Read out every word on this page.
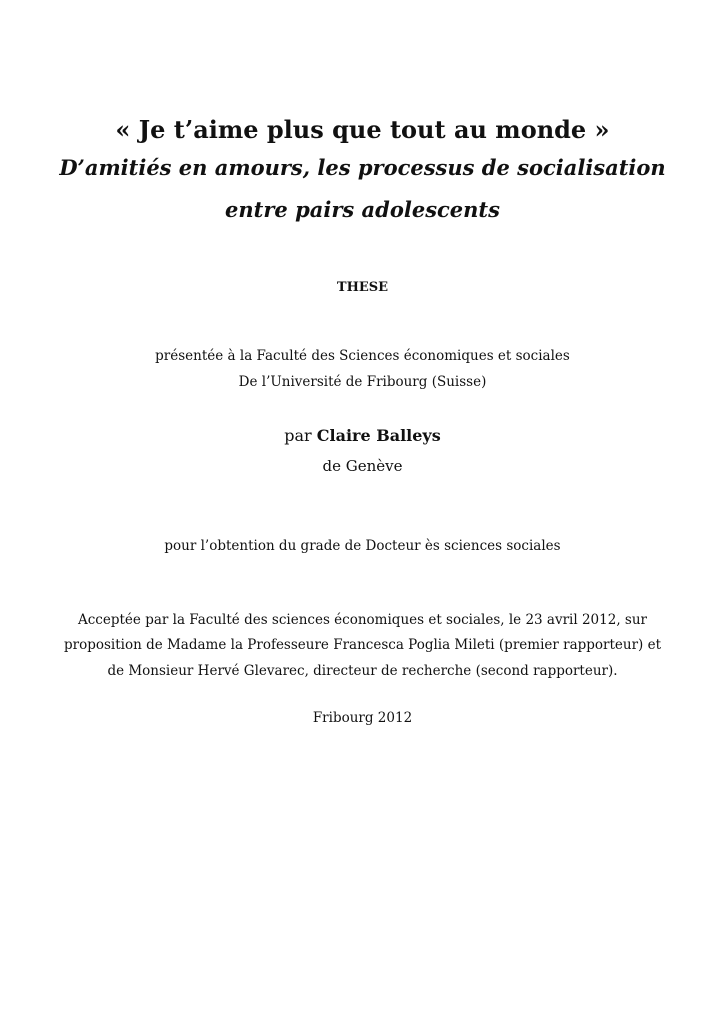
« Je t’aime plus que tout au monde »
D’amitiés en amours, les processus de socialisation
entre pairs adolescents
THESE
présentée à la Faculté des Sciences économiques et sociales
De l’Université de Fribourg (Suisse)
par Claire Balleys
de Genève
pour l’obtention du grade de Docteur ès sciences sociales
Acceptée par la Faculté des sciences économiques et sociales, le 23 avril 2012, sur
proposition de Madame la Professeure Francesca Poglia Mileti (premier rapporteur) et
de Monsieur Hervé Glevarec, directeur de recherche (second rapporteur).
Fribourg 2012
